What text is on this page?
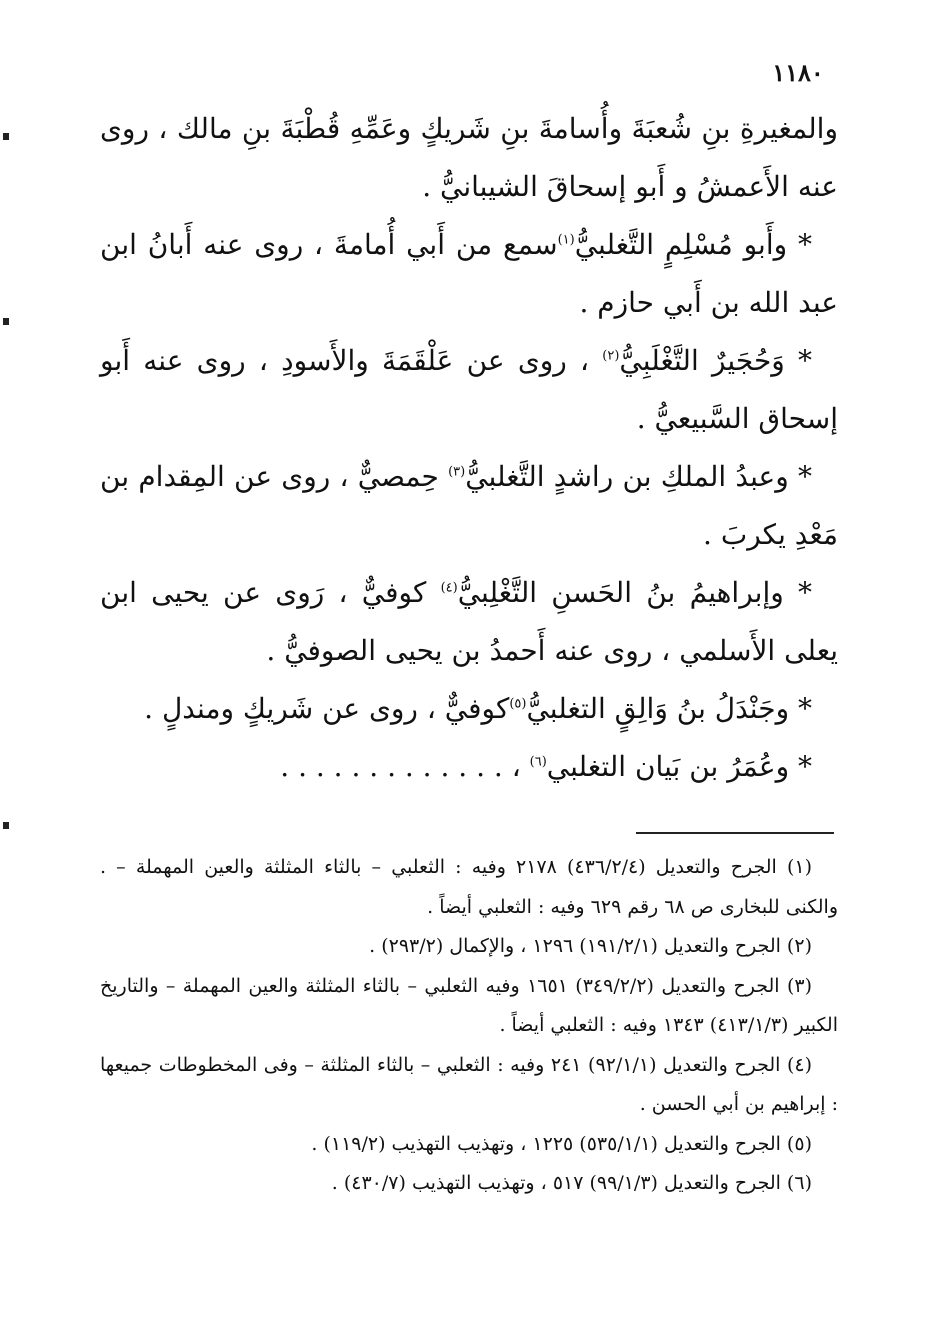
١١٨٠

والمغيرةِ بنِ شُعبَةَ وأُسامةَ بنِ شَريكٍ وعَمِّهِ قُطْبَةَ بنِ مالك ، روى عنه الأَعمشُ و أَبو إسحاقَ الشيبانيُّ .

* وأَبو مُسْلِمٍ التَّغلبيُّ$^{(١)}$سمع من أَبي أُمامةَ ، روى عنه أَبانُ ابن عبد الله بن أَبي حازم .

* وَحُجَيرٌ التَّغْلَبِيُّ$^{(٢)}$ ، روى عن عَلْقَمَةَ والأَسودِ ، روى عنه أَبو إسحاق السَّبيعيُّ .

* وعبدُ الملكِ بن راشدٍ التَّغلبيُّ$^{(٣)}$ حِمصيٌّ ، روى عن المِقدام بن مَعْدِ يكربَ .

* وإبراهيمُ بنُ الحَسنِ التَّغْلِبيُّ$^{(٤)}$ كوفيٌّ ، رَوى عن يحيى ابن يعلى الأَسلمي ، روى عنه أَحمدُ بن يحيى الصوفيُّ .

* وجَنْدَلُ بنُ وَالِقٍ التغلبيُّ$^{(٥)}$كوفيٌّ ، روى عن شَريكٍ ومندلٍ .

* وعُمَرُ بن بَيان التغلبي$^{(٦)}$ ، . . . . . . . . . . . . .

(١) الجرح والتعديل (٤٣٦/٢/٤) ٢١٧٨ وفيه : الثعلبي – بالثاء المثلثة والعين المهملة – . والكنى للبخارى ص ٦٨ رقم ٦٢٩ وفيه : الثعلبي أيضاً .

(٢) الجرح والتعديل (١٩١/٢/١) ١٢٩٦ ، والإكمال (٢٩٣/٢) .

(٣) الجرح والتعديل (٣٤٩/٢/٢) ١٦٥١ وفيه الثعلبي – بالثاء المثلثة والعين المهملة – والتاريخ الكبير (٤١٣/١/٣) ١٣٤٣ وفيه : الثعلبي أيضاً .

(٤) الجرح والتعديل (٩٢/١/١) ٢٤١ وفيه : الثعلبي – بالثاء المثلثة – وفى المخطوطات جميعها : إبراهيم بن أبي الحسن .

(٥) الجرح والتعديل (٥٣٥/١/١) ١٢٢٥ ، وتهذيب التهذيب (١١٩/٢) .

(٦) الجرح والتعديل (٩٩/١/٣) ٥١٧ ، وتهذيب التهذيب (٤٣٠/٧) .
